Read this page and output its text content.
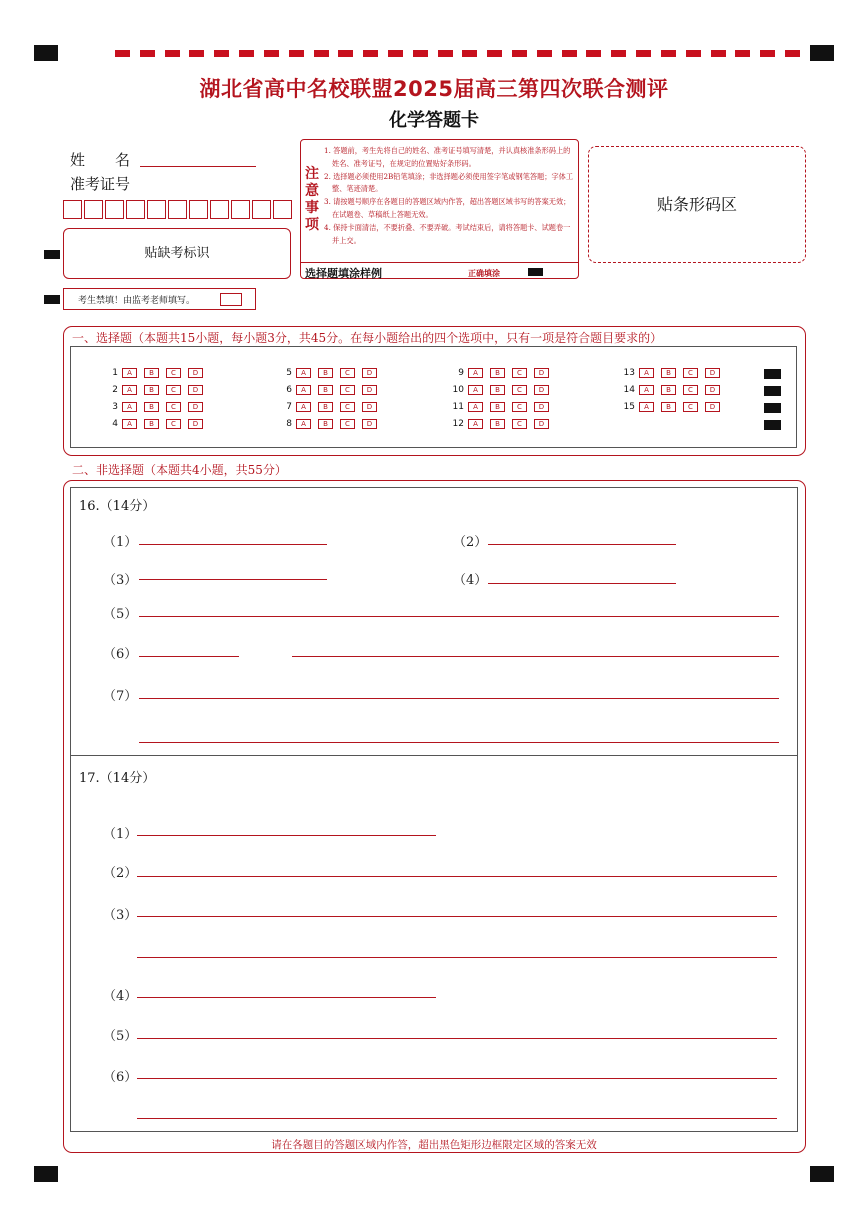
湖北省高中名校联盟2025届高三第四次联合测评
化学答题卡
姓　　名
准考证号
贴缺考标识
考生禁填！由监考老师填写。
注
意
事
项
选择题填涂样例	正确填涂
1. 答题前，考生先将自己的姓名、准考证号填写清楚，并认真核准条形码上的姓名、准考证号，在规定的位置贴好条形码。
2. 选择题必须使用2B铅笔填涂；非选择题必须使用签字笔或钢笔答题；字体工整、笔迹清楚。
3. 请按题号顺序在各题目的答题区域内作答，超出答题区域书写的答案无效；在试题卷、草稿纸上答题无效。
4. 保持卡面清洁，不要折叠、不要弄破。考试结束后，请将答题卡、试题卷一并上交。
贴条形码区
一、选择题（本题共15小题，每小题3分，共45分。在每小题给出的四个选项中，只有一项是符合题目要求的）
1	A	B	C	D
2	A	B	C	D
3	A	B	C	D
4	A	B	C	D
5	A	B	C	D
6	A	B	C	D
7	A	B	C	D
8	A	B	C	D
9	A	B	C	D
10	A	B	C	D
11	A	B	C	D
12	A	B	C	D
13	A	B	C	D
14	A	B	C	D
15	A	B	C	D
二、非选择题（本题共4小题，共55分）
16.（14分）
（1）	（2）
（3）	（4）
（5）
（6）
（7）
17.（14分）
（1）
（2）
（3）
（4）
（5）
（6）
请在各题目的答题区域内作答，超出黑色矩形边框限定区域的答案无效
